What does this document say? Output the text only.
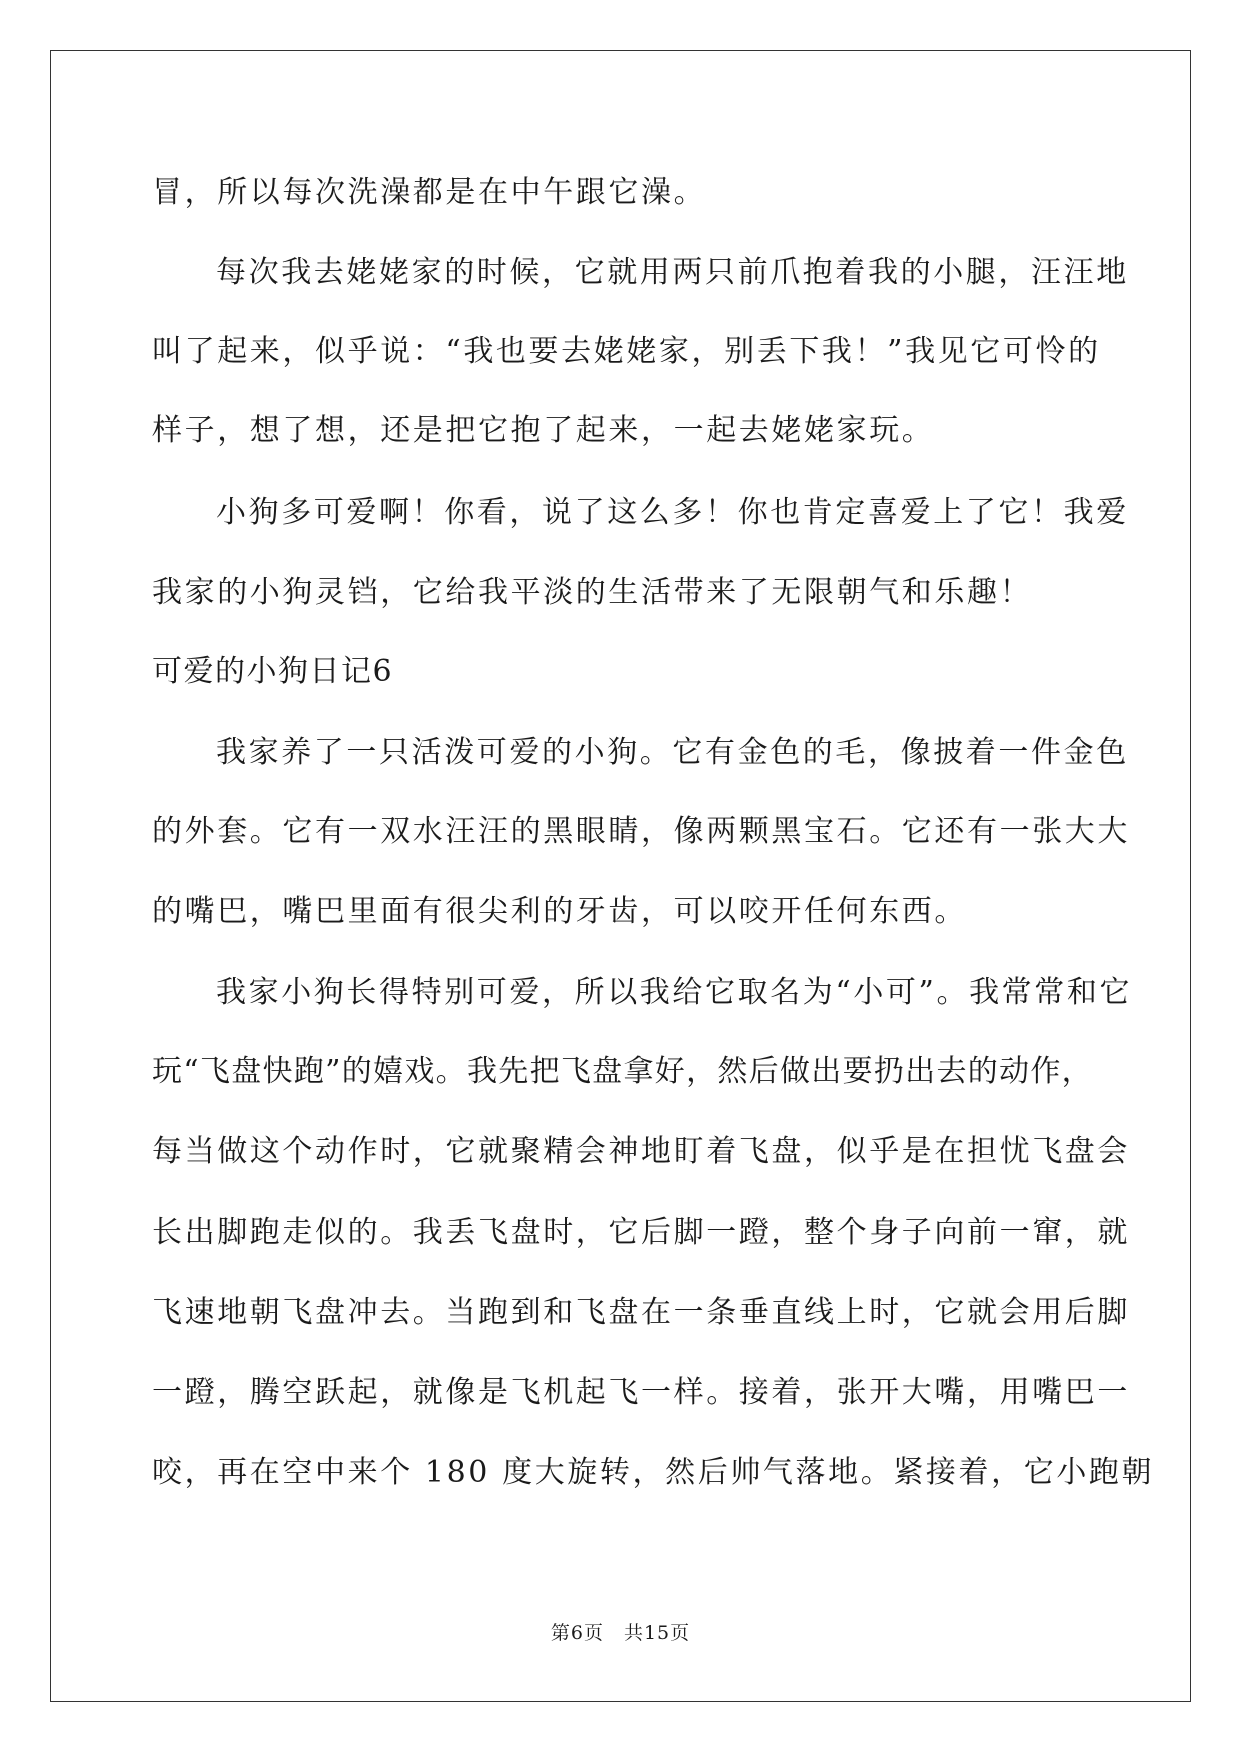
冒，所以每次洗澡都是在中午跟它澡。
每次我去姥姥家的时候，它就用两只前爪抱着我的小腿，汪汪地
叫了起来，似乎说：“我也要去姥姥家，别丢下我！”我见它可怜的
样子，想了想，还是把它抱了起来，一起去姥姥家玩。
小狗多可爱啊！你看，说了这么多！你也肯定喜爱上了它！我爱
我家的小狗灵铛，它给我平淡的生活带来了无限朝气和乐趣！
可爱的小狗日记6
我家养了一只活泼可爱的小狗。它有金色的毛，像披着一件金色
的外套。它有一双水汪汪的黑眼睛，像两颗黑宝石。它还有一张大大
的嘴巴，嘴巴里面有很尖利的牙齿，可以咬开任何东西。
我家小狗长得特别可爱，所以我给它取名为“小可”。我常常和它
玩“飞盘快跑”的嬉戏。我先把飞盘拿好，然后做出要扔出去的动作，
每当做这个动作时，它就聚精会神地盯着飞盘，似乎是在担忧飞盘会
长出脚跑走似的。我丢飞盘时，它后脚一蹬，整个身子向前一窜，就
飞速地朝飞盘冲去。当跑到和飞盘在一条垂直线上时，它就会用后脚
一蹬，腾空跃起，就像是飞机起飞一样。接着，张开大嘴，用嘴巴一
咬，再在空中来个 180 度大旋转，然后帅气落地。紧接着，它小跑朝
第6页　共15页
